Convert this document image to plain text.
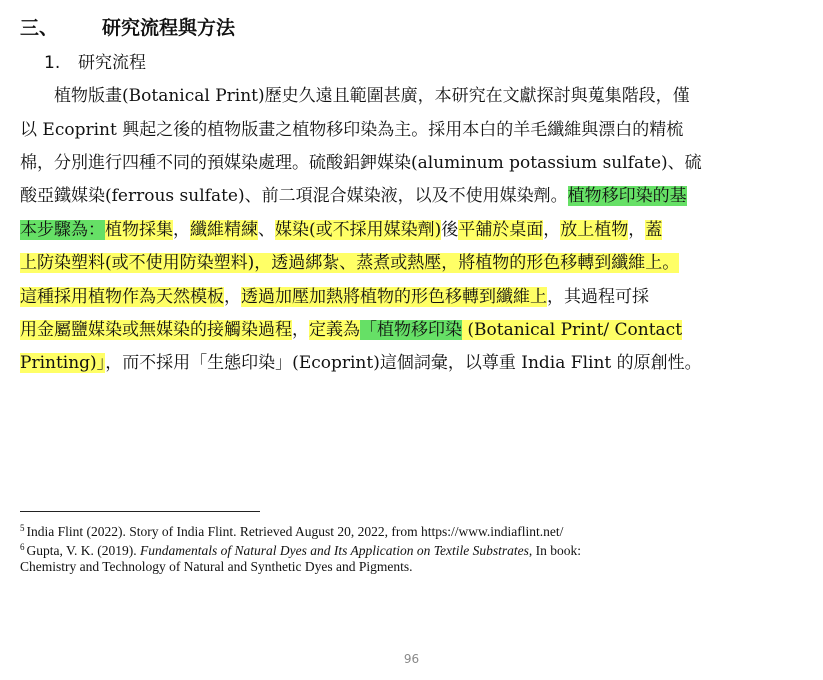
三、 研究流程與方法
1. 研究流程
　　植物版畫(Botanical Print)歷史久遠且範圍甚廣，本研究在文獻探討與蒐集階段，僅
以 Ecoprint 興起之後的植物版畫之植物移印染為主。採用本白的羊毛纖維與漂白的精梳
棉，分別進行四種不同的預媒染處理。硫酸鋁鉀媒染(aluminum potassium sulfate)、硫
酸亞鐵媒染(ferrous sulfate)、前二項混合媒染液，以及不使用媒染劑。植物移印染的基
本步驟為：植物採集，纖維精練、媒染(或不採用媒染劑)後平舖於桌面，放上植物，蓋
上防染塑料(或不使用防染塑料)，透過綁紮、蒸煮或熱壓，將植物的形色移轉到纖維上。
這種採用植物作為天然模板，透過加壓加熱將植物的形色移轉到纖維上，其過程可採
用金屬鹽媒染或無媒染的接觸染過程，定義為「植物移印染 (Botanical Print/ Contact
Printing)」，而不採用「生態印染」(Ecoprint)這個詞彙，以尊重 India Flint 的原創性。
$^5$ India Flint (2022). Story of India Flint. Retrieved August 20, 2022, from https://www.indiaflint.net/
$^6$ Gupta, V. K. (2019). Fundamentals of Natural Dyes and Its Application on Textile Substrates, In book:
Chemistry and Technology of Natural and Synthetic Dyes and Pigments.
96
